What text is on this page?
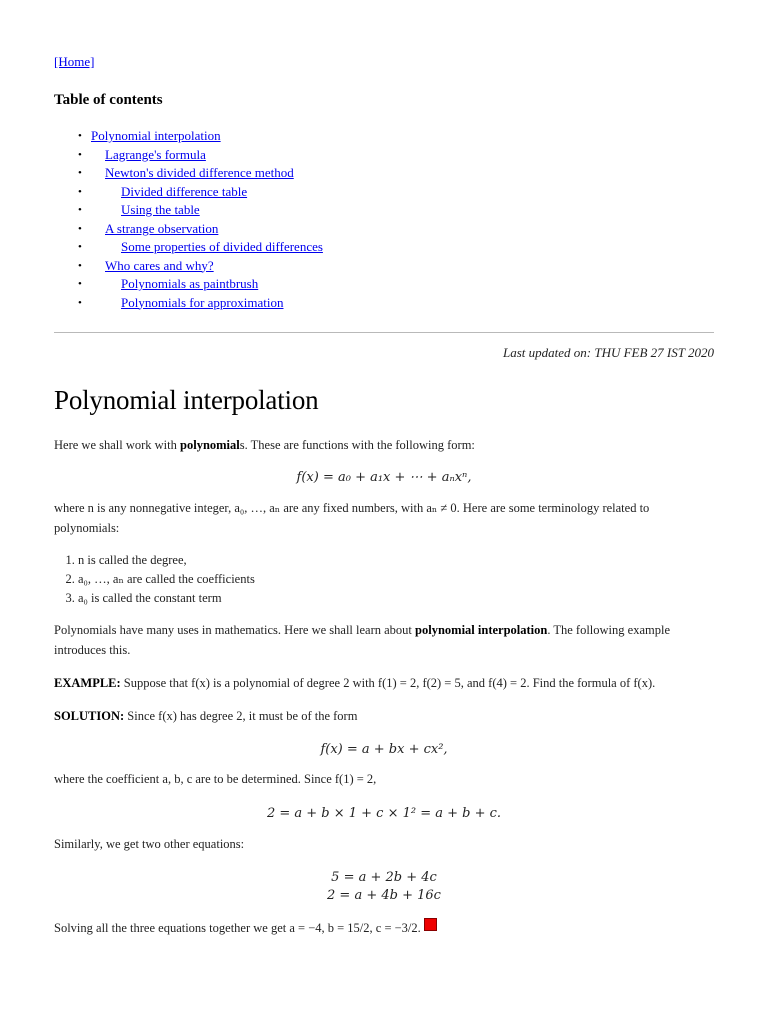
[Home]
Table of contents
• Polynomial interpolation
• Lagrange's formula
• Newton's divided difference method
•	Divided difference table
•	Using the table
• A strange observation
•	Some properties of divided differences
• Who cares and why?
•	Polynomials as paintbrush
•	Polynomials for approximation
Last updated on: THU FEB 27 IST 2020
Polynomial interpolation

Here we shall work with polynomials. These are functions with the following form:

f(x) = a₀ + a₁x + ⋯ + aₙxⁿ,

where n is any nonnegative integer, a₀, …, aₙ are any fixed numbers, with aₙ ≠ 0. Here are some terminology related to polynomials:

1. n is called the degree,
2. a₀, …, aₙ are called the coefficients
3. a₀ is called the constant term

Polynomials have many uses in mathematics. Here we shall learn about polynomial interpolation. The following example introduces this.

EXAMPLE: Suppose that f(x) is a polynomial of degree 2 with f(1) = 2, f(2) = 5, and f(4) = 2. Find the formula of f(x).

SOLUTION: Since f(x) has degree 2, it must be of the form

f(x) = a + bx + cx²,

where the coefficient a, b, c are to be determined. Since f(1) = 2,

2 = a + b × 1 + c × 1² = a + b + c.

Similarly, we get two other equations:

5 = a + 2b + 4c
2 = a + 4b + 16c

Solving all the three equations together we get a = −4, b = 15/2, c = −3/2.
